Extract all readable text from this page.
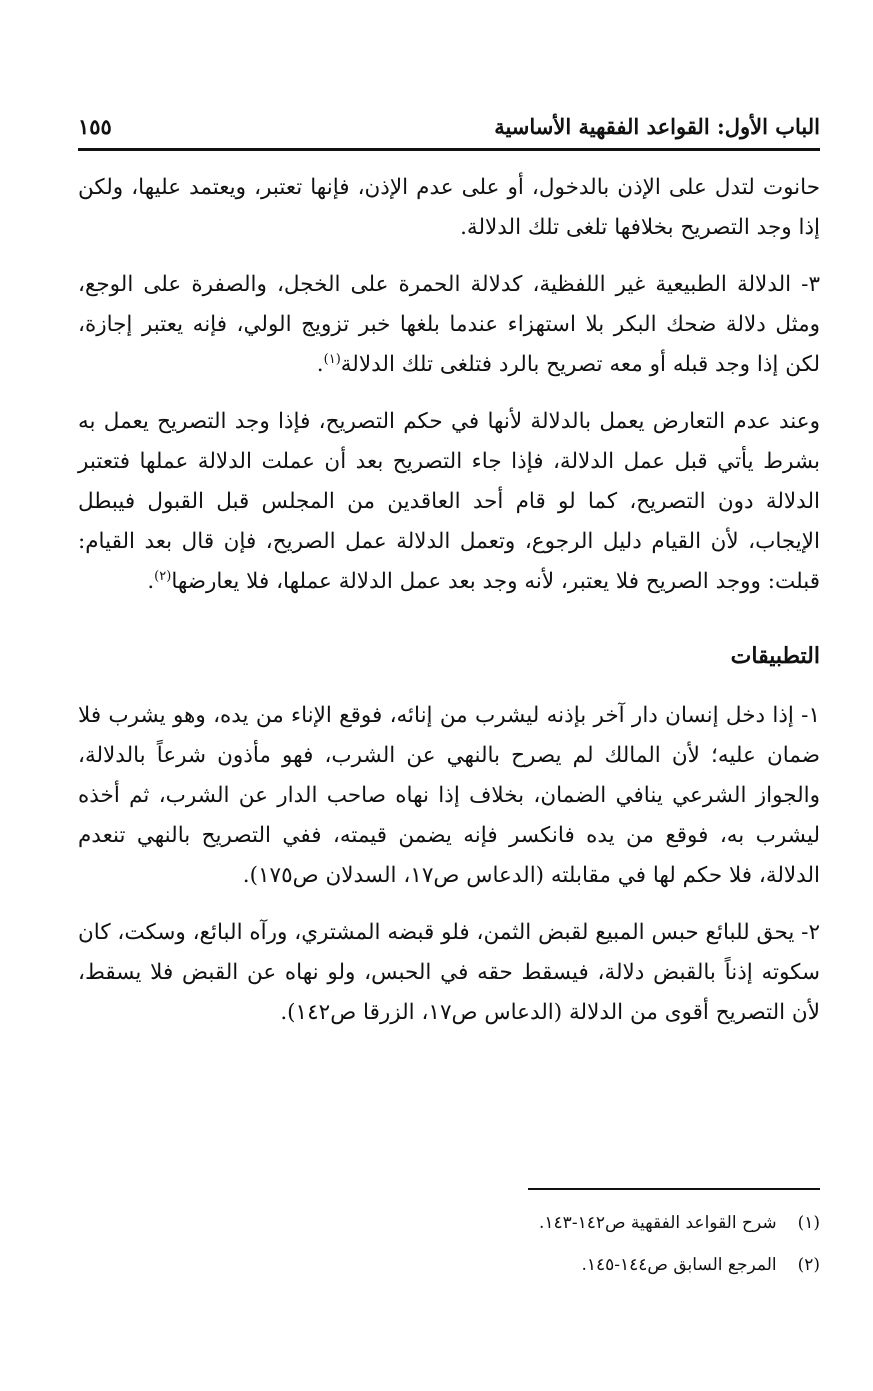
الباب الأول: القواعد الفقهية الأساسية
١٥٥

حانوت لتدل على الإذن بالدخول، أو على عدم الإذن، فإنها تعتبر، ويعتمد عليها، ولكن إذا وجد التصريح بخلافها تلغى تلك الدلالة.

٣- الدلالة الطبيعية غير اللفظية، كدلالة الحمرة على الخجل، والصفرة على الوجع، ومثل دلالة ضحك البكر بلا استهزاء عندما بلغها خبر تزويج الولي، فإنه يعتبر إجازة، لكن إذا وجد قبله أو معه تصريح بالرد فتلغى تلك الدلالة$^{(١)}$.

وعند عدم التعارض يعمل بالدلالة لأنها في حكم التصريح، فإذا وجد التصريح يعمل به بشرط يأتي قبل عمل الدلالة، فإذا جاء التصريح بعد أن عملت الدلالة عملها فتعتبر الدلالة دون التصريح، كما لو قام أحد العاقدين من المجلس قبل القبول فيبطل الإيجاب، لأن القيام دليل الرجوع، وتعمل الدلالة عمل الصريح، فإن قال بعد القيام: قبلت: ووجد الصريح فلا يعتبر، لأنه وجد بعد عمل الدلالة عملها، فلا يعارضها$^{(٢)}$.

التطبيقات

١- إذا دخل إنسان دار آخر بإذنه ليشرب من إنائه، فوقع الإناء من يده، وهو يشرب فلا ضمان عليه؛ لأن المالك لم يصرح بالنهي عن الشرب، فهو مأذون شرعاً بالدلالة، والجواز الشرعي ينافي الضمان، بخلاف إذا نهاه صاحب الدار عن الشرب، ثم أخذه ليشرب به، فوقع من يده فانكسر فإنه يضمن قيمته، ففي التصريح بالنهي تنعدم الدلالة، فلا حكم لها في مقابلته (الدعاس ص١٧، السدلان ص١٧٥).

٢- يحق للبائع حبس المبيع لقبض الثمن، فلو قبضه المشتري، ورآه البائع، وسكت، كان سكوته إذناً بالقبض دلالة، فيسقط حقه في الحبس، ولو نهاه عن القبض فلا يسقط، لأن التصريح أقوى من الدلالة (الدعاس ص١٧، الزرقا ص١٤٢).

(١) شرح القواعد الفقهية ص١٤٢-١٤٣.
(٢) المرجع السابق ص١٤٤-١٤٥.
